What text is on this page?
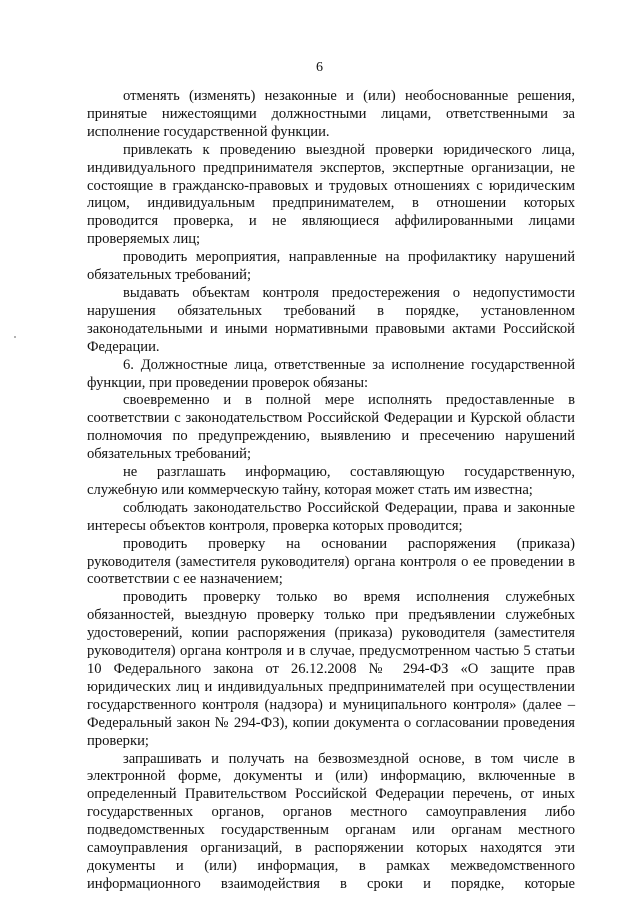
6

отменять (изменять) незаконные и (или) необоснованные решения, принятые нижестоящими должностными лицами, ответственными за исполнение государственной функции.

привлекать к проведению выездной проверки юридического лица, индивидуального предпринимателя экспертов, экспертные организации, не состоящие в гражданско-правовых и трудовых отношениях с юридическим лицом, индивидуальным предпринимателем, в отношении которых проводится проверка, и не являющиеся аффилированными лицами проверяемых лиц;

проводить мероприятия, направленные на профилактику нарушений обязательных требований;

выдавать объектам контроля предостережения о недопустимости нарушения обязательных требований в порядке, установленном законодательными и иными нормативными правовыми актами Российской Федерации.

6. Должностные лица, ответственные за исполнение государственной функции, при проведении проверок обязаны:

своевременно и в полной мере исполнять предоставленные в соответствии с законодательством Российской Федерации и Курской области полномочия по предупреждению, выявлению и пресечению нарушений обязательных требований;

не разглашать информацию, составляющую государственную, служебную или коммерческую тайну, которая может стать им известна;

соблюдать законодательство Российской Федерации, права и законные интересы объектов контроля, проверка которых проводится;

проводить проверку на основании распоряжения (приказа) руководителя (заместителя руководителя) органа контроля о ее проведении в соответствии с ее назначением;

проводить проверку только во время исполнения служебных обязанностей, выездную проверку только при предъявлении служебных удостоверений, копии распоряжения (приказа) руководителя (заместителя руководителя) органа контроля и в случае, предусмотренном частью 5 статьи 10 Федерального закона от 26.12.2008 № 294-ФЗ «О защите прав юридических лиц и индивидуальных предпринимателей при осуществлении государственного контроля (надзора) и муниципального контроля» (далее – Федеральный закон № 294-ФЗ), копии документа о согласовании проведения проверки;

запрашивать и получать на безвозмездной основе, в том числе в электронной форме, документы и (или) информацию, включенные в определенный Правительством Российской Федерации перечень, от иных государственных органов, органов местного самоуправления либо подведомственных государственным органам или органам местного самоуправления организаций, в распоряжении которых находятся эти документы и (или) информация, в рамках межведомственного информационного взаимодействия в сроки и порядке, которые
